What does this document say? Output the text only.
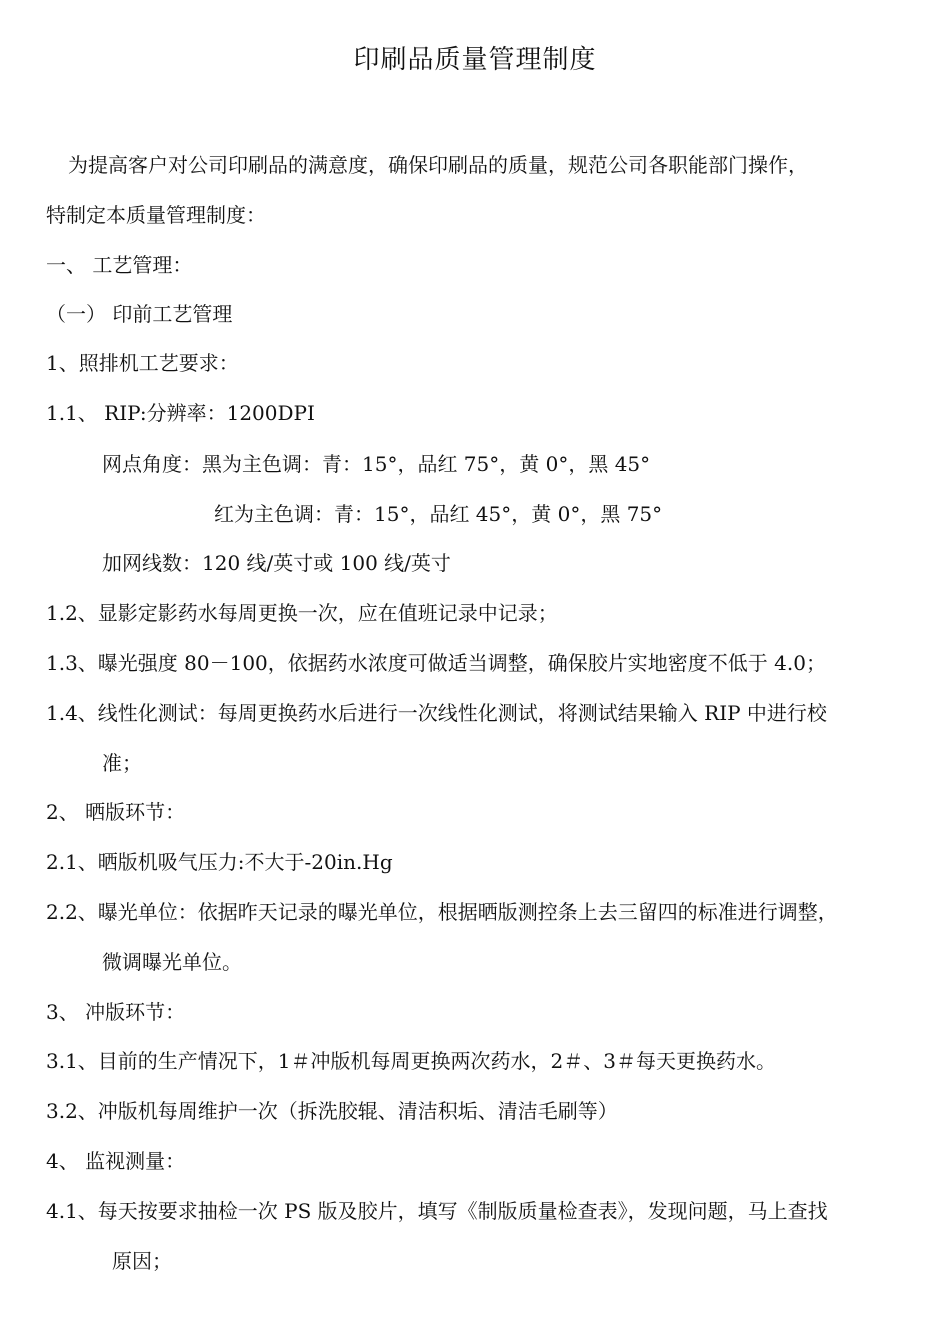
印刷品质量管理制度
为提高客户对公司印刷品的满意度，确保印刷品的质量，规范公司各职能部门操作，
特制定本质量管理制度：
一、 工艺管理：
（一） 印前工艺管理
1、照排机工艺要求：
1.1、 RIP:分辨率：1200DPI
网点角度：黑为主色调：青：15°，品红 75°，黄 0°，黑 45°
红为主色调：青：15°，品红 45°，黄 0°，黑 75°
加网线数：120 线/英寸或 100 线/英寸
1.2、显影定影药水每周更换一次，应在值班记录中记录；
1.3、曝光强度 80－100，依据药水浓度可做适当调整，确保胶片实地密度不低于 4.0；
1.4、线性化测试：每周更换药水后进行一次线性化测试，将测试结果输入 RIP 中进行校
准；
2、 晒版环节：
2.1、晒版机吸气压力:不大于-20in.Hg
2.2、曝光单位：依据昨天记录的曝光单位，根据晒版测控条上去三留四的标准进行调整，
微调曝光单位。
3、 冲版环节：
3.1、目前的生产情况下，1＃冲版机每周更换两次药水，2＃、3＃每天更换药水。
3.2、冲版机每周维护一次（拆洗胶辊、清洁积垢、清洁毛刷等）
4、 监视测量：
4.1、每天按要求抽检一次 PS 版及胶片，填写《制版质量检查表》，发现问题，马上查找
原因；
